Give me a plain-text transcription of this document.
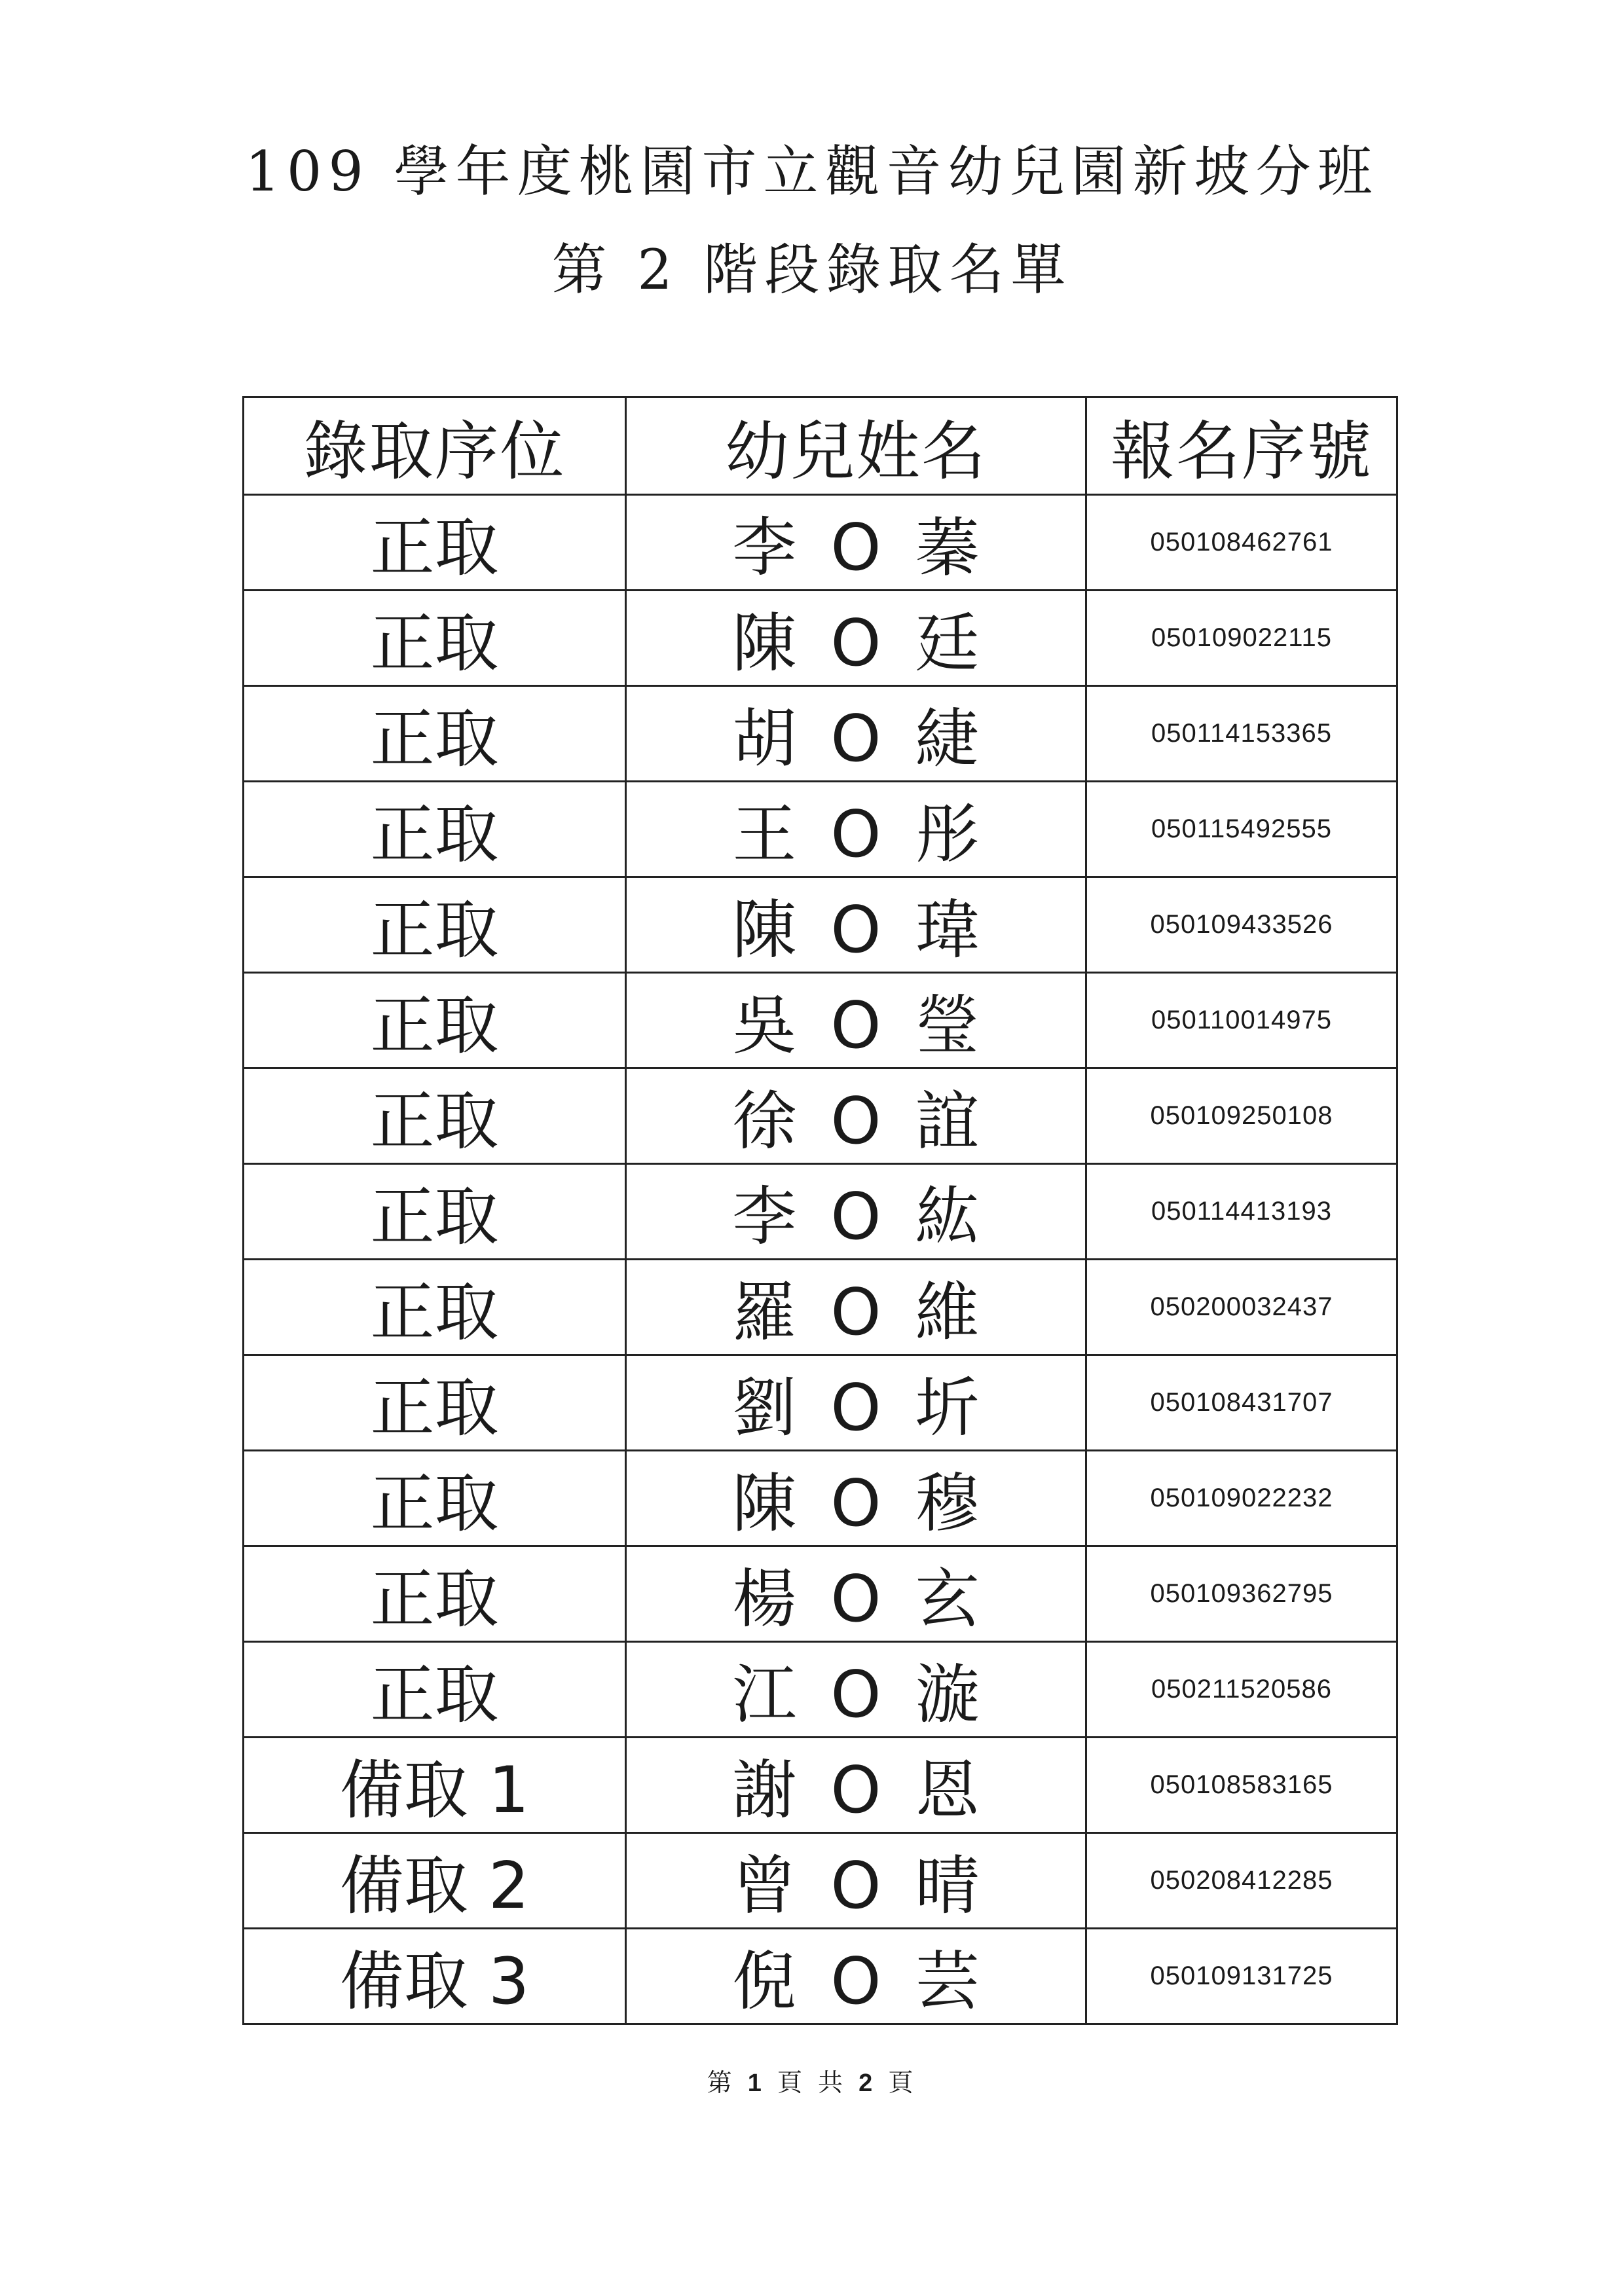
109 學年度桃園市立觀音幼兒園新坡分班
第 2 階段錄取名單
錄取序位	幼兒姓名	報名序號
正取	李 O 蓁	050108462761
正取	陳 O 廷	050109022115
正取	胡 O 緁	050114153365
正取	王 O 彤	050115492555
正取	陳 O 瑋	050109433526
正取	吳 O 瑩	050110014975
正取	徐 O 誼	050109250108
正取	李 O 紘	050114413193
正取	羅 O 維	050200032437
正取	劉 O 圻	050108431707
正取	陳 O 穆	050109022232
正取	楊 O 玄	050109362795
正取	江 O 漩	050211520586
備取 1	謝 O 恩	050108583165
備取 2	曾 O 晴	050208412285
備取 3	倪 O 芸	050109131725
第 1 頁 共 2 頁
